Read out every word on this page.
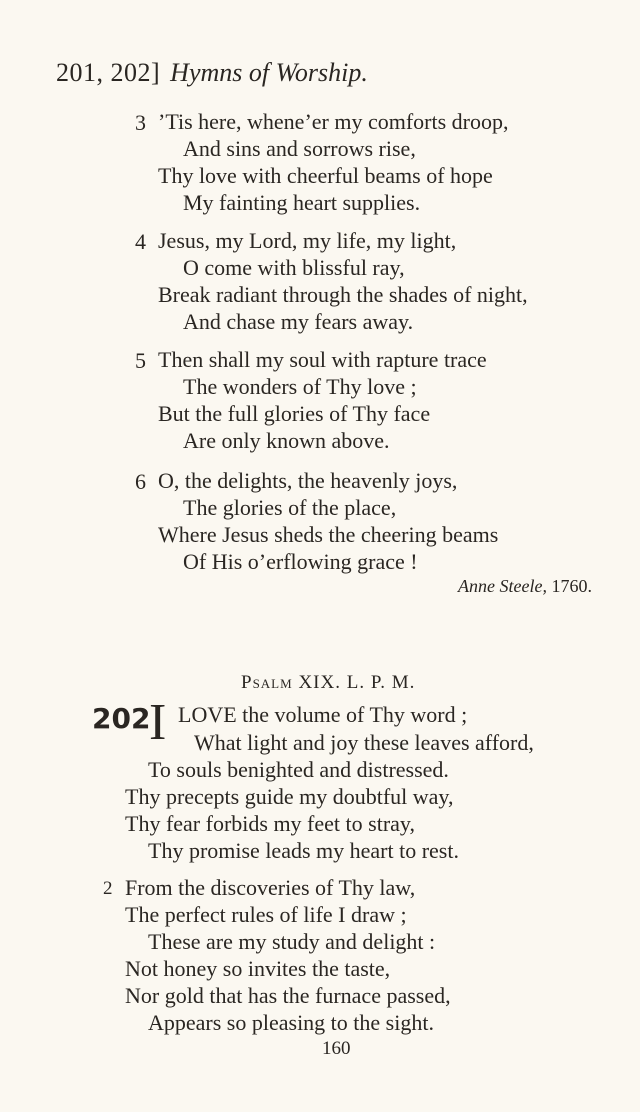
201, 202] Hymns of Worship.
3 ’Tis here, whene’er my comforts droop,
And sins and sorrows rise,
Thy love with cheerful beams of hope
My fainting heart supplies.
4 Jesus, my Lord, my life, my light,
O come with blissful ray,
Break radiant through the shades of night,
And chase my fears away.
5 Then shall my soul with rapture trace
The wonders of Thy love ;
But the full glories of Thy face
Are only known above.
6 O, the delights, the heavenly joys,
The glories of the place,
Where Jesus sheds the cheering beams
Of His o’erflowing grace !
Anne Steele, 1760.
Psalm XIX. L. P. M.
202
I LOVE the volume of Thy word ;
What light and joy these leaves afford,
To souls benighted and distressed.
Thy precepts guide my doubtful way,
Thy fear forbids my feet to stray,
Thy promise leads my heart to rest.
2 From the discoveries of Thy law,
The perfect rules of life I draw ;
These are my study and delight :
Not honey so invites the taste,
Nor gold that has the furnace passed,
Appears so pleasing to the sight.
160
